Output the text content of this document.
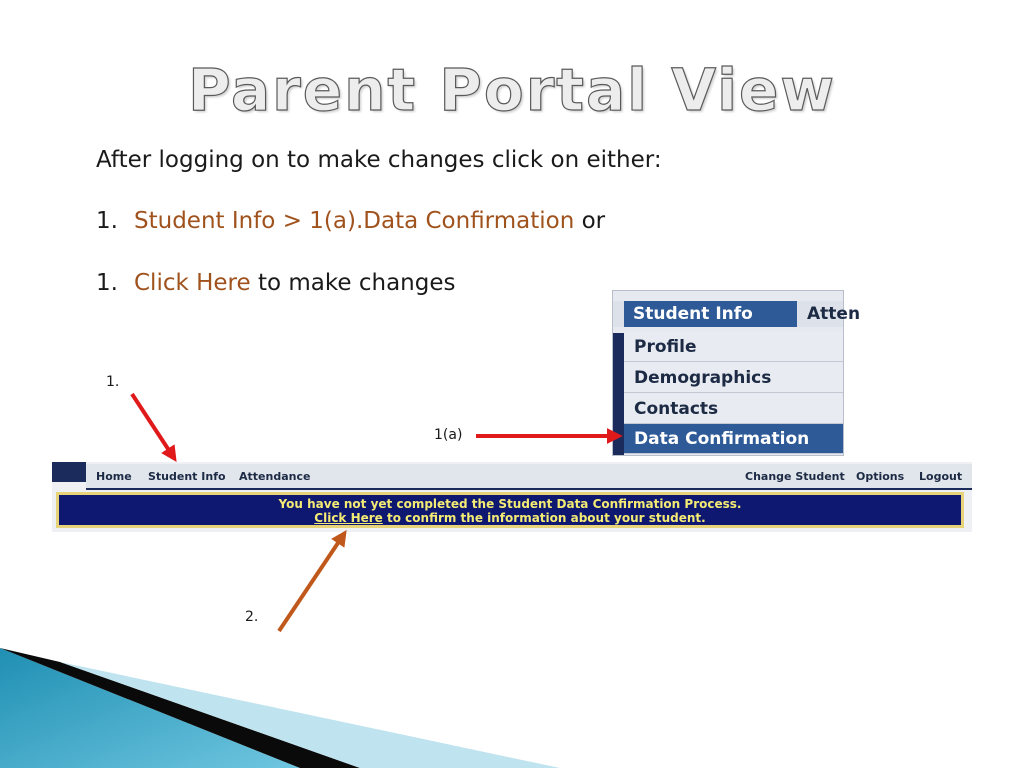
Parent Portal View
After logging on to make changes click on either:
1. Student Info > 1(a).Data Confirmation or
1. Click Here to make changes
Student Info	Atten
Profile
Demographics
Contacts
Data Confirmation
Home Student Info Attendance	Change Student Options Logout
You have not yet completed the Student Data Confirmation Process.
Click Here to confirm the information about your student.
1.
1(a)
2.
